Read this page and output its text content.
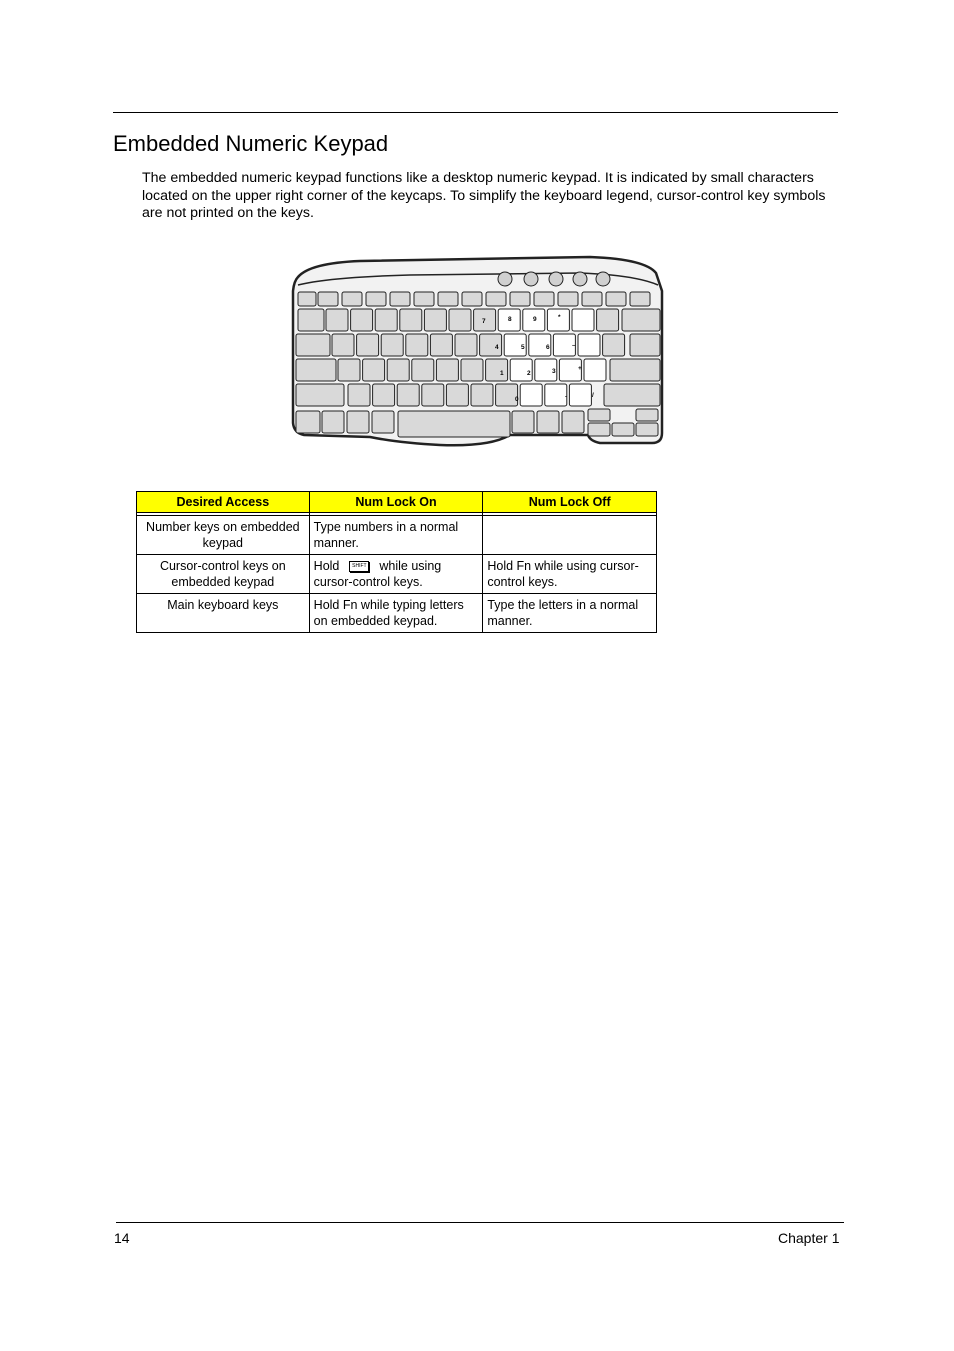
Embedded Numeric Keypad

The embedded numeric keypad functions like a desktop numeric keypad. It is indicated by small characters located on the upper right corner of the keycaps. To simplify the keyboard legend, cursor-control key symbols are not printed on the keys.

7	8	9	*
4	5	6	–
1	2	3	+
0
.	/
Desired Access	Num Lock On	Num Lock Off

Number keys on embedded keypad	Type numbers in a normal manner.	
Cursor-control keys on embedded keypad	Hold SHIFT while using cursor-control keys.	Hold Fn while using cursor-control keys.
Main keyboard keys	Hold Fn while typing letters on embedded keypad.	Type the letters in a normal manner.
14	Chapter 1
